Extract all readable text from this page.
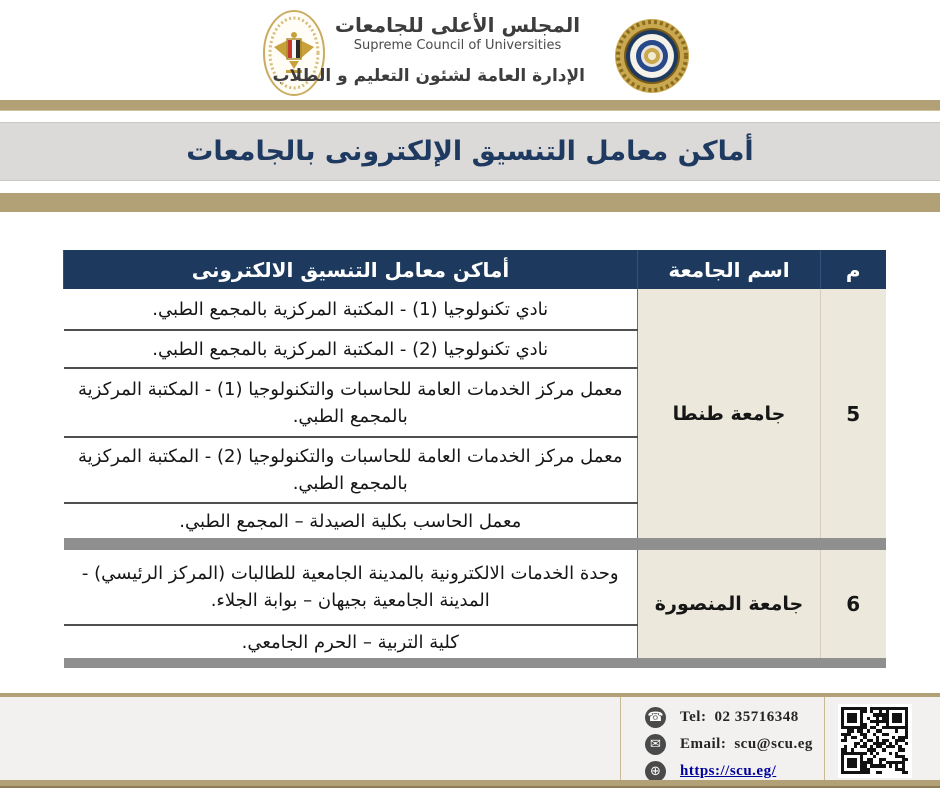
المجلس الأعلى للجامعات
Supreme Council of Universities
الإدارة العامة لشئون التعليم و الطلاب
أماكن معامل التنسيق الإلكترونى بالجامعات
م	اسم الجامعة	أماكن معامل التنسيق الالكترونى
5	جامعة طنطا	نادي تكنولوجيا (1) - المكتبة المركزية بالمجمع الطبي.
		نادي تكنولوجيا (2) - المكتبة المركزية بالمجمع الطبي.
		معمل مركز الخدمات العامة للحاسبات والتكنولوجيا (1) - المكتبة المركزية بالمجمع الطبي.
		معمل مركز الخدمات العامة للحاسبات والتكنولوجيا (2) - المكتبة المركزية بالمجمع الطبي.
		معمل الحاسب بكلية الصيدلة – المجمع الطبي.

6	جامعة المنصورة	وحدة الخدمات الالكترونية بالمدينة الجامعية للطالبات (المركز الرئيسي) - المدينة الجامعية بجيهان – بوابة الجلاء.
		كلية التربية – الحرم الجامعي.

☎ Tel: 02 35716348
✉	Email: scu@scu.eg
⊕	https://scu.eg/
